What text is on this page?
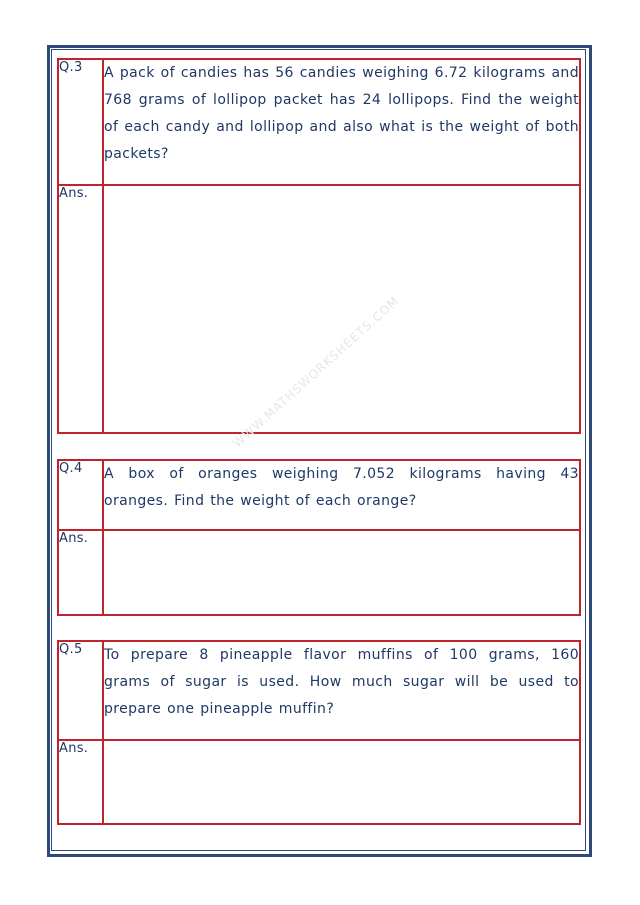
Q.3	A pack of candies has 56 candies weighing 6.72 kilograms and 768 grams of lollipop packet has 24 lollipops. Find the weight of each candy and lollipop and also what is the weight of both packets?
Ans.	
Q.4	A box of oranges weighing 7.052 kilograms having 43 oranges. Find the weight of each orange?
Ans.	
Q.5	To prepare 8 pineapple flavor muffins of 100 grams, 160 grams of sugar is used. How much sugar will be used to prepare one pineapple muffin?
Ans.	
WWW.MATHSWORKSHEETS.COM
